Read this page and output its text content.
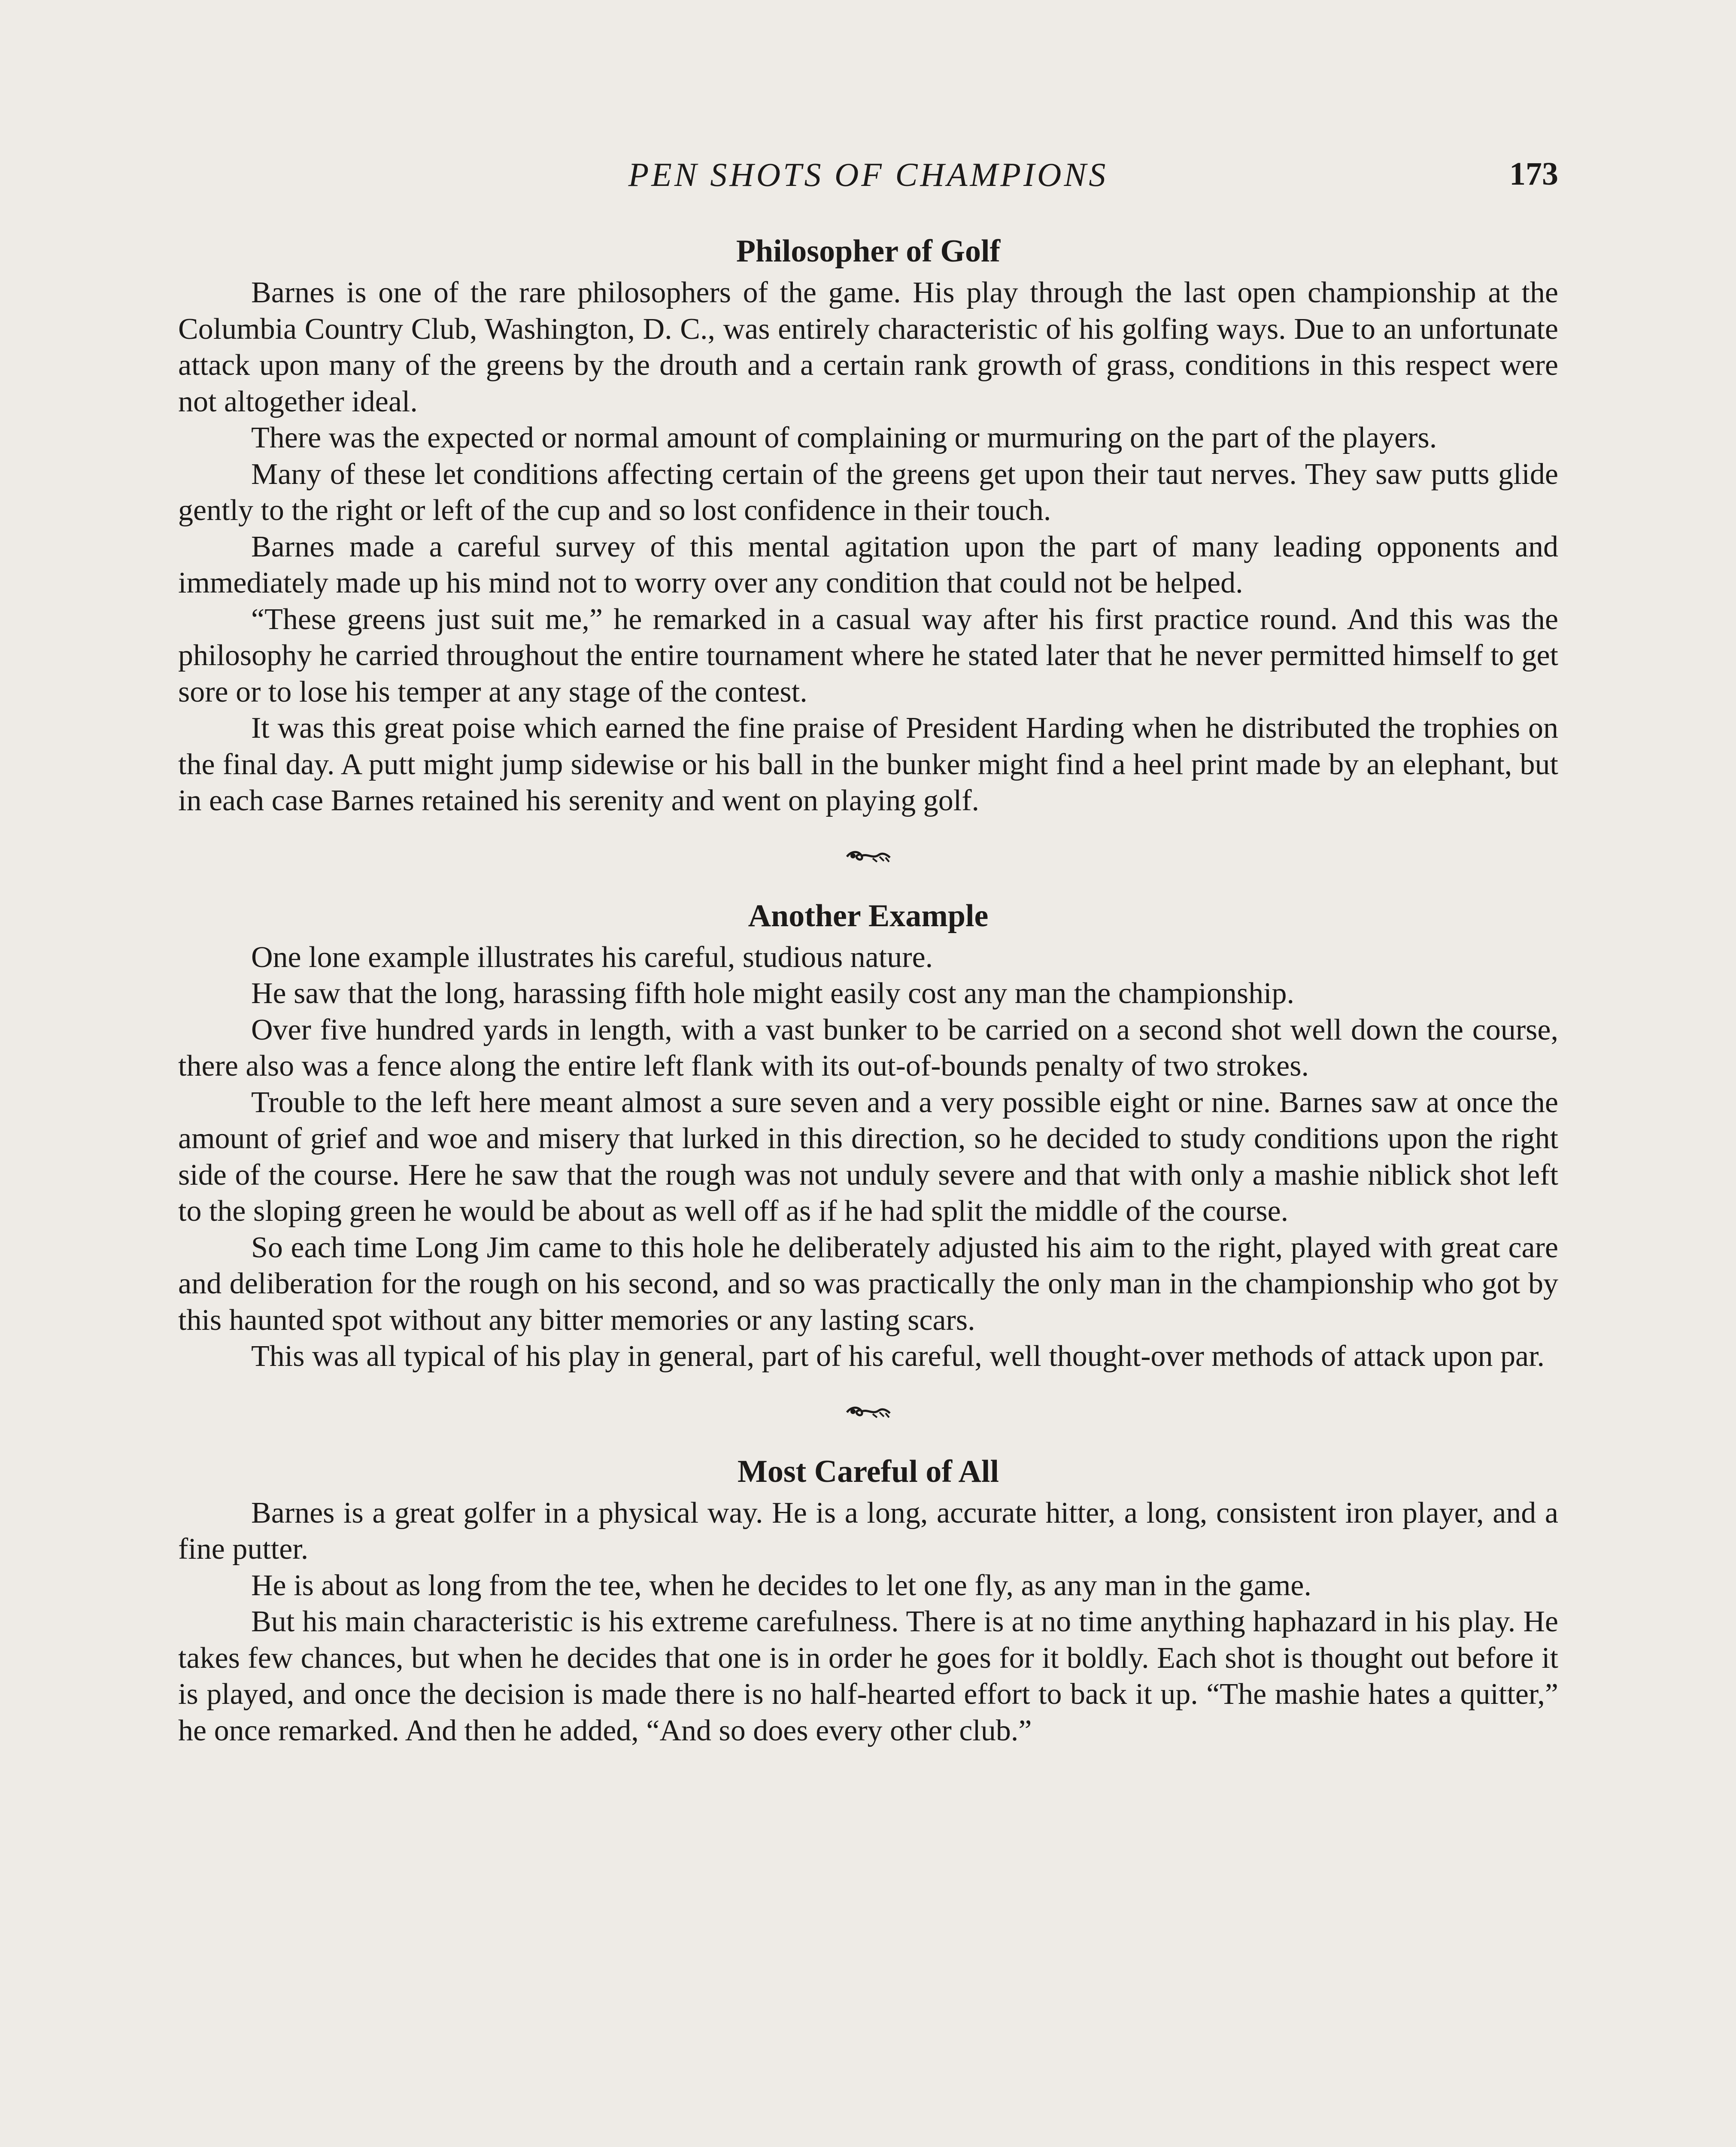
PEN SHOTS OF CHAMPIONS	173
Philosopher of Golf

Barnes is one of the rare philosophers of the game. His play through the last open championship at the Columbia Country Club, Washington, D. C., was entirely characteristic of his golfing ways. Due to an unfortunate attack upon many of the greens by the drouth and a certain rank growth of grass, conditions in this respect were not altogether ideal.

There was the expected or normal amount of complaining or murmuring on the part of the players.

Many of these let conditions affecting certain of the greens get upon their taut nerves. They saw putts glide gently to the right or left of the cup and so lost confidence in their touch.

Barnes made a careful survey of this mental agitation upon the part of many leading opponents and immediately made up his mind not to worry over any condition that could not be helped.

“These greens just suit me,” he remarked in a casual way after his first practice round. And this was the philosophy he carried throughout the entire tournament where he stated later that he never permitted himself to get sore or to lose his temper at any stage of the contest.

It was this great poise which earned the fine praise of President Harding when he distributed the trophies on the final day. A putt might jump sidewise or his ball in the bunker might find a heel print made by an elephant, but in each case Barnes retained his serenity and went on playing golf.

Another Example

One lone example illustrates his careful, studious nature.

He saw that the long, harassing fifth hole might easily cost any man the championship.

Over five hundred yards in length, with a vast bunker to be carried on a second shot well down the course, there also was a fence along the entire left flank with its out-of-bounds penalty of two strokes.

Trouble to the left here meant almost a sure seven and a very possible eight or nine. Barnes saw at once the amount of grief and woe and misery that lurked in this direction, so he decided to study conditions upon the right side of the course. Here he saw that the rough was not unduly severe and that with only a mashie niblick shot left to the sloping green he would be about as well off as if he had split the middle of the course.

So each time Long Jim came to this hole he deliberately adjusted his aim to the right, played with great care and deliberation for the rough on his second, and so was practically the only man in the championship who got by this haunted spot without any bitter memories or any lasting scars.

This was all typical of his play in general, part of his careful, well thought-over methods of attack upon par.

Most Careful of All

Barnes is a great golfer in a physical way. He is a long, accurate hitter, a long, consistent iron player, and a fine putter.

He is about as long from the tee, when he decides to let one fly, as any man in the game.

But his main characteristic is his extreme carefulness. There is at no time anything haphazard in his play. He takes few chances, but when he decides that one is in order he goes for it boldly. Each shot is thought out before it is played, and once the decision is made there is no half-hearted effort to back it up. “The mashie hates a quitter,” he once remarked. And then he added, “And so does every other club.”
